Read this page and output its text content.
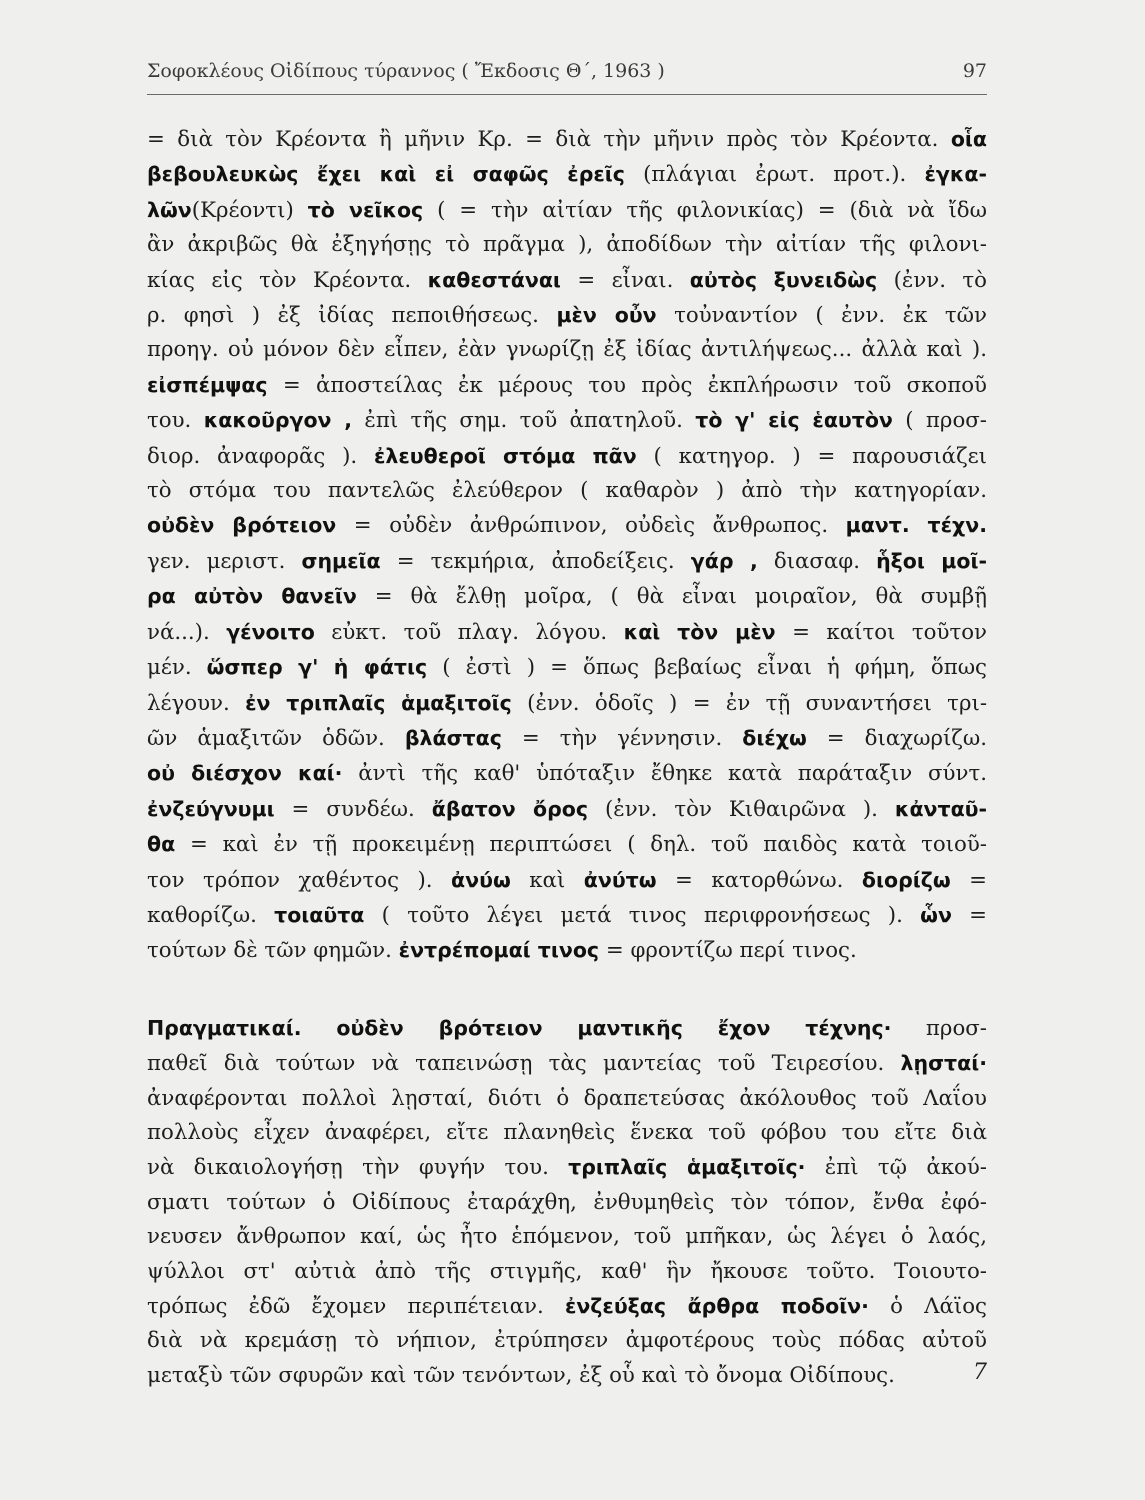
Σοφοκλέους Οἰδίπους τύραννος ( Ἔκδοσις Θ΄, 1963 )	97
= διὰ τὸν Κρέοντα ἢ μῆνιν Κρ. = διὰ τὴν μῆνιν πρὸς τὸν Κρέοντα. οἷα
βεβουλευκὼς ἔχει καὶ εἰ σαφῶς ἐρεῖς (πλάγιαι ἐρωτ. προτ.). ἐγκα-
λῶν(Κρέοντι) τὸ νεῖκος ( = τὴν αἰτίαν τῆς φιλονικίας) = (διὰ νὰ ἴδω
ἂν ἀκριβῶς θὰ ἐξηγήσῃς τὸ πρᾶγμα ), ἀποδίδων τὴν αἰτίαν τῆς φιλονι-
κίας εἰς τὸν Κρέοντα. καθεστάναι = εἶναι. αὐτὸς ξυνειδὼς (ἐνν. τὸ
ρ. φησὶ ) ἐξ ἰδίας πεποιθήσεως. μὲν οὖν τοὐναντίον ( ἐνν. ἐκ τῶν
προηγ. οὐ μόνον δὲν εἶπεν, ἐὰν γνωρίζῃ ἐξ ἰδίας ἀντιλήψεως... ἀλλὰ καὶ ).
εἰσπέμψας = ἀποστείλας ἐκ μέρους του πρὸς ἐκπλήρωσιν τοῦ σκοποῦ
του. κακοῦργον , ἐπὶ τῆς σημ. τοῦ ἀπατηλοῦ. τὸ γ' εἰς ἑαυτὸν ( προσ-
διορ. ἀναφορᾶς ). ἐλευθεροῖ στόμα πᾶν ( κατηγορ. ) = παρουσιάζει
τὸ στόμα του παντελῶς ἐλεύθερον ( καθαρὸν ) ἀπὸ τὴν κατηγορίαν.
οὐδὲν βρότειον = οὐδὲν ἀνθρώπινον, οὐδεὶς ἄνθρωπος. μαντ. τέχν.
γεν. μεριστ. σημεῖα = τεκμήρια, ἀποδείξεις. γάρ , διασαφ. ἧξοι μοῖ-
ρα αὐτὸν θανεῖν = θὰ ἔλθῃ μοῖρα, ( θὰ εἶναι μοιραῖον, θὰ συμβῇ
νά...). γένοιτο εὐκτ. τοῦ πλαγ. λόγου. καὶ τὸν μὲν = καίτοι τοῦτον
μέν. ὥσπερ γ' ἡ φάτις ( ἐστὶ ) = ὅπως βεβαίως εἶναι ἡ φήμη, ὅπως
λέγουν. ἐν τριπλαῖς ἁμαξιτοῖς (ἐνν. ὁδοῖς ) = ἐν τῇ συναντήσει τρι-
ῶν ἁμαξιτῶν ὁδῶν. βλάστας = τὴν γέννησιν. διέχω = διαχωρίζω.
οὐ διέσχον καί· ἀντὶ τῆς καθ' ὑπόταξιν ἔθηκε κατὰ παράταξιν σύντ.
ἐνζεύγνυμι = συνδέω. ἄβατον ὄρος (ἐνν. τὸν Κιθαιρῶνα ). κἀνταῦ-
θα = καὶ ἐν τῇ προκειμένῃ περιπτώσει ( δηλ. τοῦ παιδὸς κατὰ τοιοῦ-
τον τρόπον χαθέντος ). ἀνύω καὶ ἀνύτω = κατορθώνω. διορίζω =
καθορίζω. τοιαῦτα ( τοῦτο λέγει μετά τινος περιφρονήσεως ). ὧν =
τούτων δὲ τῶν φημῶν. ἐντρέπομαί τινος = φροντίζω περί τινος.
Πραγματικαί. οὐδὲν βρότειον μαντικῆς ἔχον τέχνης· προσ-
παθεῖ διὰ τούτων νὰ ταπεινώσῃ τὰς μαντείας τοῦ Τειρεσίου. λῃσταί·
ἀναφέρονται πολλοὶ λῃσταί, διότι ὁ δραπετεύσας ἀκόλουθος τοῦ Λαΐου
πολλοὺς εἶχεν ἀναφέρει, εἴτε πλανηθεὶς ἕνεκα τοῦ φόβου του εἴτε διὰ
νὰ δικαιολογήσῃ τὴν φυγήν του. τριπλαῖς ἁμαξιτοῖς· ἐπὶ τῷ ἀκού-
σματι τούτων ὁ Οἰδίπους ἐταράχθη, ἐνθυμηθεὶς τὸν τόπον, ἔνθα ἐφό-
νευσεν ἄνθρωπον καί, ὡς ἦτο ἑπόμενον, τοῦ μπῆκαν, ὡς λέγει ὁ λαός,
ψύλλοι στ' αὐτιὰ ἀπὸ τῆς στιγμῆς, καθ' ἣν ἤκουσε τοῦτο. Τοιουτο-
τρόπως ἐδῶ ἔχομεν περιπέτειαν. ἐνζεύξας ἄρθρα ποδοῖν· ὁ Λάϊος
διὰ νὰ κρεμάσῃ τὸ νήπιον, ἐτρύπησεν ἀμφοτέρους τοὺς πόδας αὐτοῦ
μεταξὺ τῶν σφυρῶν καὶ τῶν τενόντων, ἐξ οὗ καὶ τὸ ὄνομα Οἰδίπους.	7
